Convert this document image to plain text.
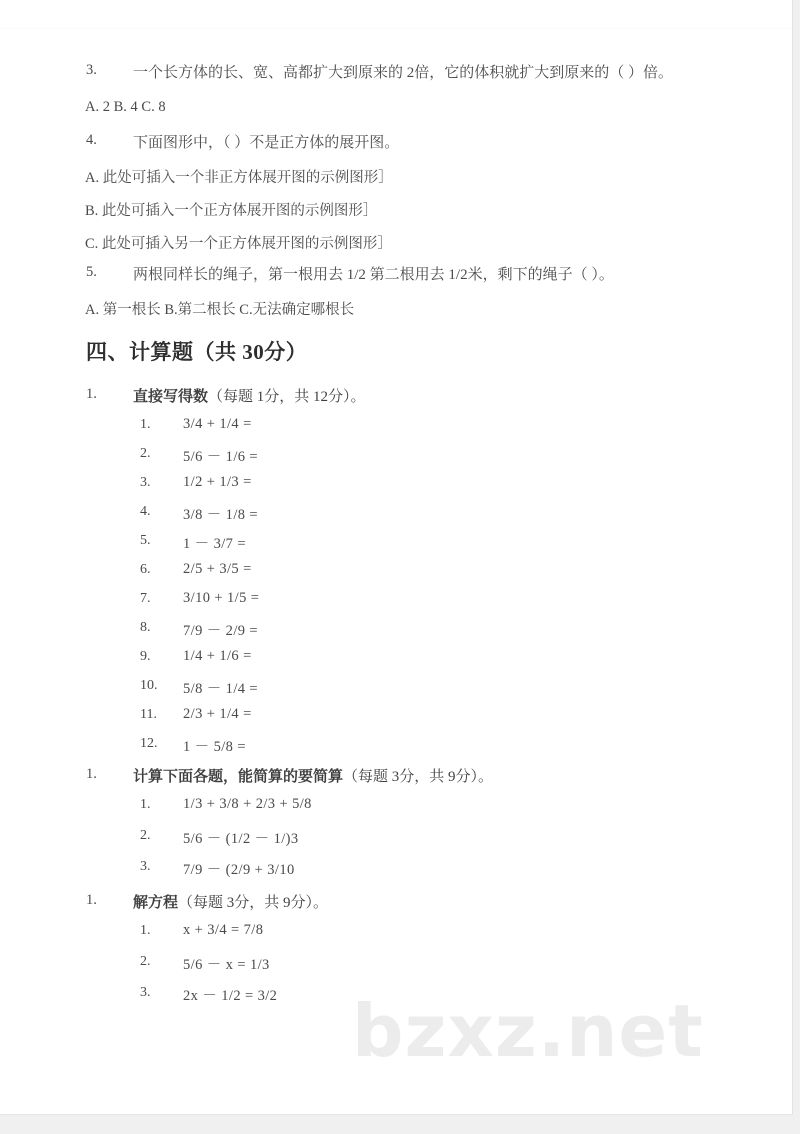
bzxz.net
3. 一个长方体的长、宽、高都扩大到原来的 2倍，它的体积就扩大到原来的（ ）倍。
A. 2 B. 4 C. 8
4. 下面图形中，（ ）不是正方体的展开图。
A. 此处可插入一个非正方体展开图的示例图形］
B. 此处可插入一个正方体展开图的示例图形］
C. 此处可插入另一个正方体展开图的示例图形］
5. 两根同样长的绳子，第一根用去 1/2 第二根用去 1/2米，剩下的绳子（ ）。
A. 第一根长 B.第二根长 C.无法确定哪根长
四、计算题（共 30分）
1. 直接写得数（每题 1分，共 12分）。
1. 3/4 + 1/4 =
2. 5/6 － 1/6 =
3. 1/2 + 1/3 =
4. 3/8 － 1/8 =
5. 1 － 3/7 =
6. 2/5 + 3/5 =
7. 3/10 + 1/5 =
8. 7/9 － 2/9 =
9. 1/4 + 1/6 =
10. 5/8 － 1/4 =
11. 2/3 + 1/4 =
12. 1 － 5/8 =
1. 计算下面各题，能简算的要简算（每题 3分，共 9分）。
1. 1/3 + 3/8 + 2/3 + 5/8
2. 5/6 － (1/2 － 1/)3
3. 7/9 － (2/9 + 3/10
1. 解方程（每题 3分，共 9分）。
1. x + 3/4 = 7/8
2. 5/6 － x = 1/3
3. 2x － 1/2 = 3/2
